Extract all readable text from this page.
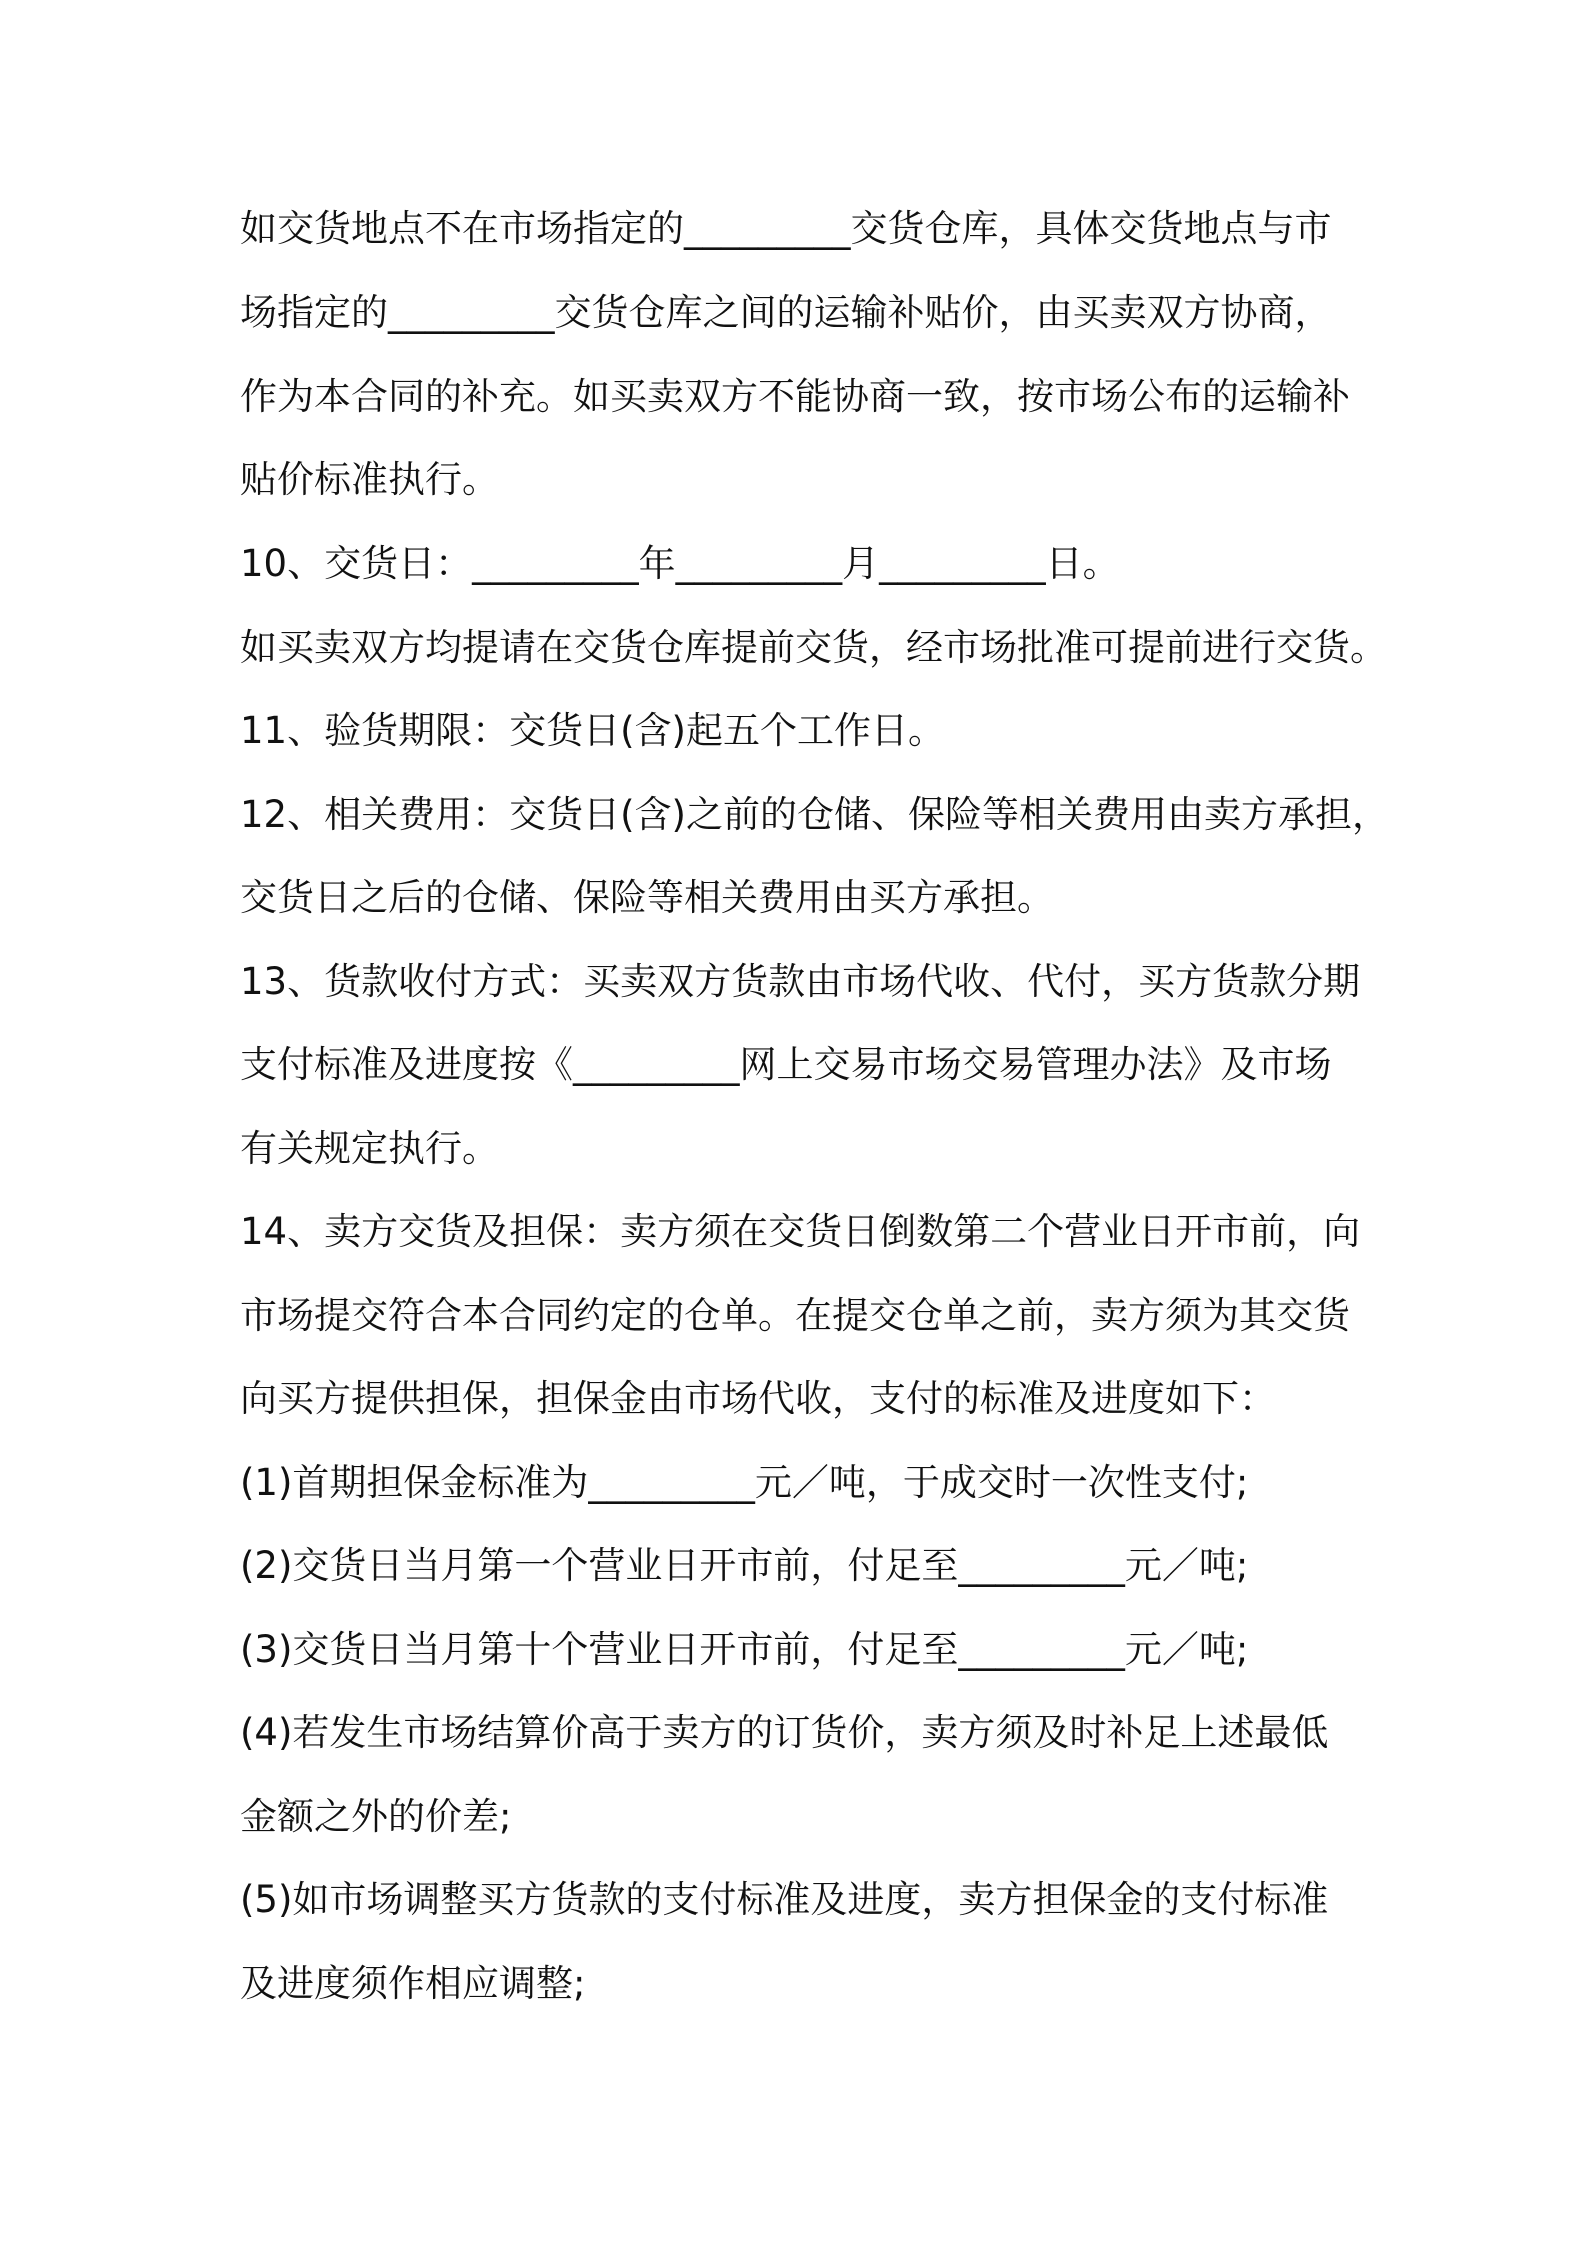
如交货地点不在市场指定的_________交货仓库，具体交货地点与市
场指定的_________交货仓库之间的运输补贴价，由买卖双方协商，
作为本合同的补充。如买卖双方不能协商一致，按市场公布的运输补
贴价标准执行。
10、交货日：_________年_________月_________日。
如买卖双方均提请在交货仓库提前交货，经市场批准可提前进行交货。
11、验货期限：交货日(含)起五个工作日。
12、相关费用：交货日(含)之前的仓储、保险等相关费用由卖方承担，
交货日之后的仓储、保险等相关费用由买方承担。
13、货款收付方式：买卖双方货款由市场代收、代付，买方货款分期
支付标准及进度按《_________网上交易市场交易管理办法》及市场
有关规定执行。
14、卖方交货及担保：卖方须在交货日倒数第二个营业日开市前，向
市场提交符合本合同约定的仓单。在提交仓单之前，卖方须为其交货
向买方提供担保，担保金由市场代收，支付的标准及进度如下：
(1)首期担保金标准为_________元／吨，于成交时一次性支付;
(2)交货日当月第一个营业日开市前，付足至_________元／吨;
(3)交货日当月第十个营业日开市前，付足至_________元／吨;
(4)若发生市场结算价高于卖方的订货价，卖方须及时补足上述最低
金额之外的价差;
(5)如市场调整买方货款的支付标准及进度，卖方担保金的支付标准
及进度须作相应调整;
